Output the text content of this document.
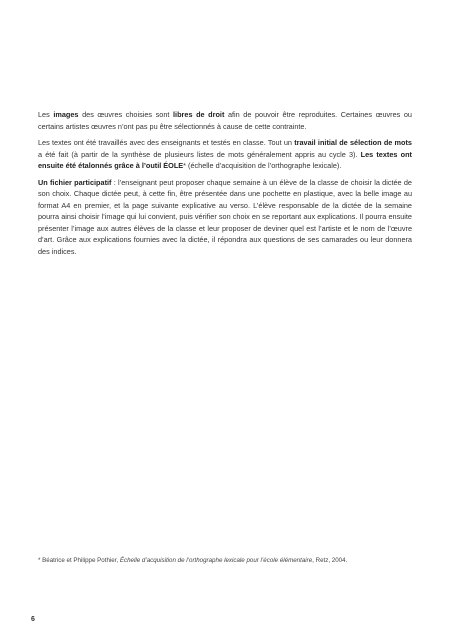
Les images des œuvres choisies sont libres de droit afin de pouvoir être reproduites. Certaines œuvres ou certains artistes œuvres n’ont pas pu être sélectionnés à cause de cette contrainte.

Les textes ont été travaillés avec des enseignants et testés en classe. Tout un travail initial de sélection de mots a été fait (à partir de la synthèse de plusieurs listes de mots généralement appris au cycle 3). Les textes ont ensuite été étalonnés grâce à l’outil ÉOLE* (échelle d’acquisition de l’orthographe lexicale).

Un fichier participatif : l’enseignant peut proposer chaque semaine à un élève de la classe de choisir la dictée de son choix. Chaque dictée peut, à cette fin, être présentée dans une pochette en plastique, avec la belle image au format A4 en premier, et la page suivante explicative au verso. L’élève responsable de la dictée de la semaine pourra ainsi choisir l’image qui lui convient, puis vérifier son choix en se reportant aux explications. Il pourra ensuite présenter l’image aux autres élèves de la classe et leur proposer de deviner quel est l’artiste et le nom de l’œuvre d’art. Grâce aux explications fournies avec la dictée, il répondra aux questions de ses camarades ou leur donnera des indices.

* Béatrice et Philippe Pothier, Échelle d’acquisition de l’orthographe lexicale pour l’école élémentaire, Retz, 2004.
6
